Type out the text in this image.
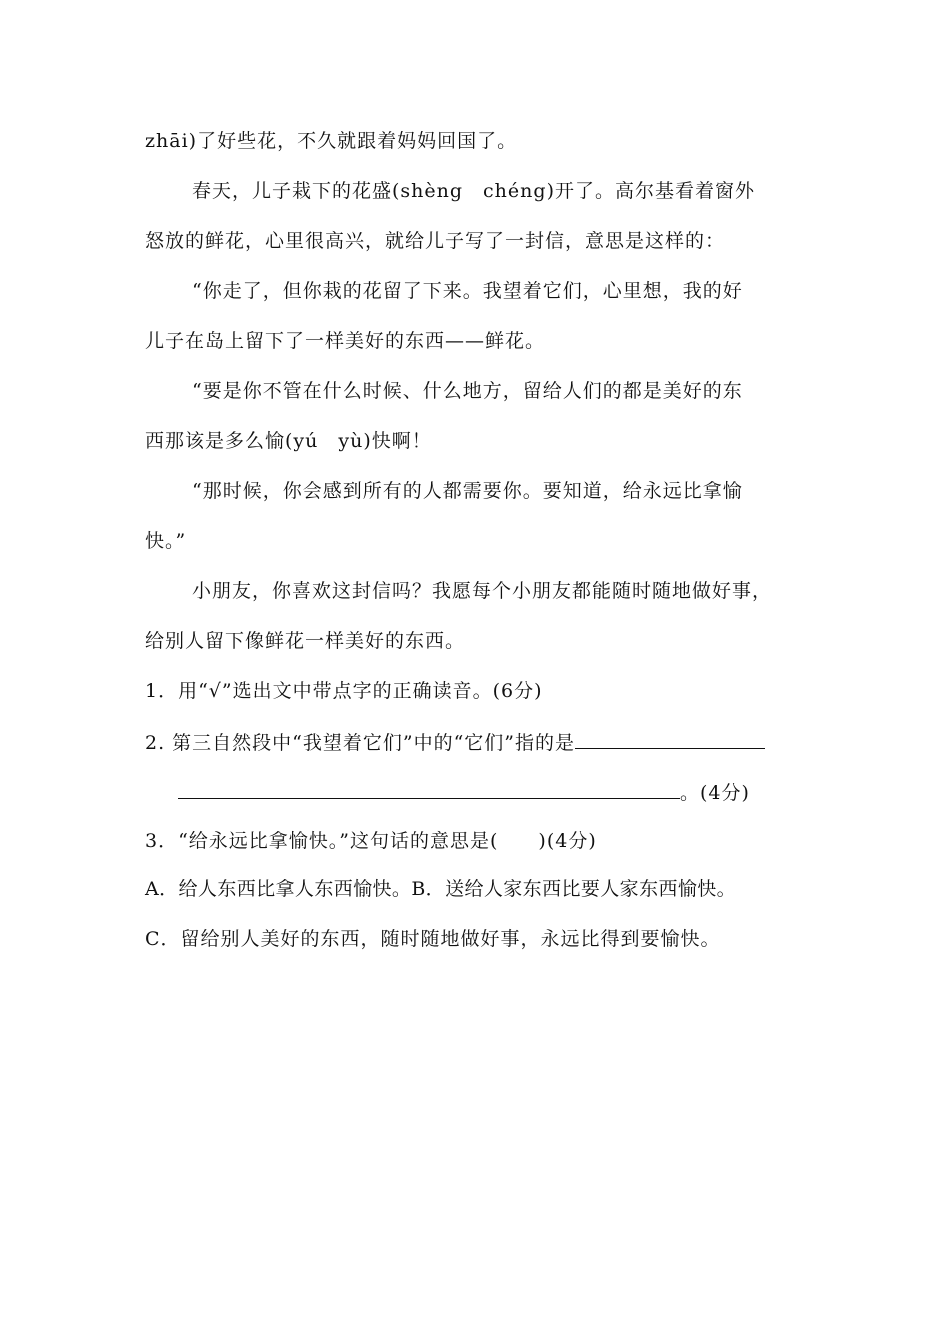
zhāi)了好些花，不久就跟着妈妈回国了。
春天，儿子栽下的花盛(shèng　chéng)开了。高尔基看着窗外
怒放的鲜花，心里很高兴，就给儿子写了一封信，意思是这样的：
“你走了，但你栽的花留了下来。我望着它们，心里想，我的好
儿子在岛上留下了一样美好的东西——鲜花。
“要是你不管在什么时候、什么地方，留给人们的都是美好的东
西那该是多么愉(yú　yù)快啊！
“那时候，你会感到所有的人都需要你。要知道，给永远比拿愉
快。”
小朋友，你喜欢这封信吗？我愿每个小朋友都能随时随地做好事，
给别人留下像鲜花一样美好的东西。
1．用“√”选出文中带点字的正确读音。(6分)
2. 第三自然段中“我望着它们”中的“它们”指的是
。(4分)
3．“给永远比拿愉快。”这句话的意思是(　　)(4分)
A．给人东西比拿人东西愉快。B．送给人家东西比要人家东西愉快。
C．留给别人美好的东西，随时随地做好事，永远比得到要愉快。
